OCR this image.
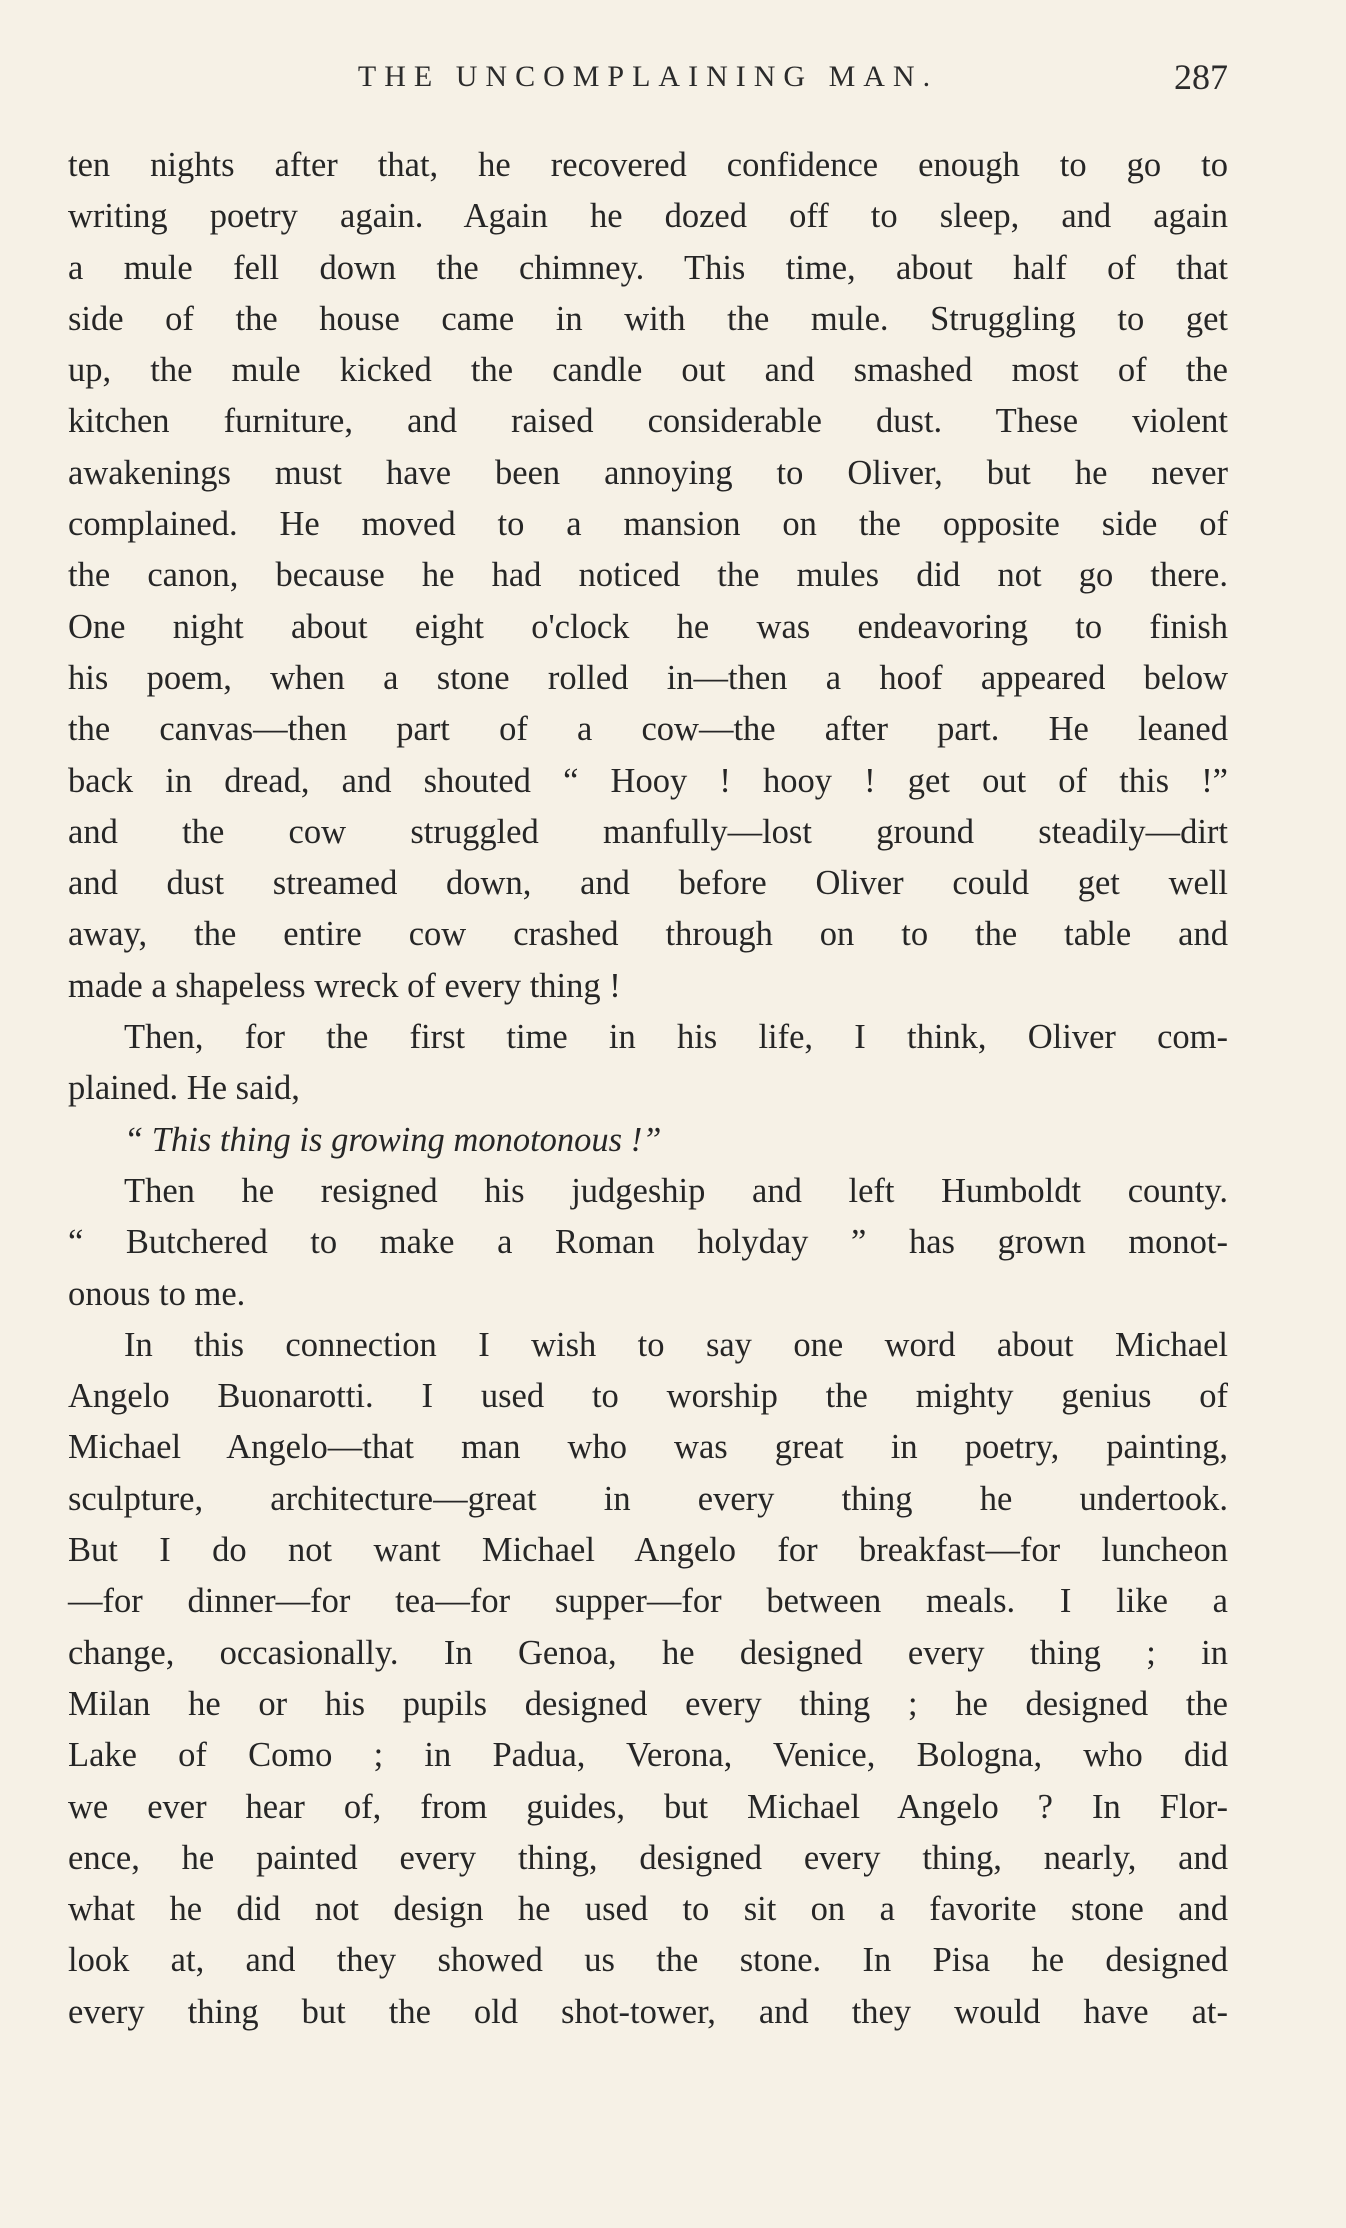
THE UNCOMPLAINING MAN.	287
ten nights after that, he recovered confidence enough to go to
writing poetry again. Again he dozed off to sleep, and again
a mule fell down the chimney. This time, about half of that
side of the house came in with the mule. Struggling to get
up, the mule kicked the candle out and smashed most of the
kitchen furniture, and raised considerable dust. These violent
awakenings must have been annoying to Oliver, but he never
complained. He moved to a mansion on the opposite side of
the canon, because he had noticed the mules did not go there.
One night about eight o'clock he was endeavoring to finish
his poem, when a stone rolled in—then a hoof appeared below
the canvas—then part of a cow—the after part. He leaned
back in dread, and shouted “ Hooy ! hooy ! get out of this !”
and the cow struggled manfully—lost ground steadily—dirt
and dust streamed down, and before Oliver could get well
away, the entire cow crashed through on to the table and
made a shapeless wreck of every thing !
Then, for the first time in his life, I think, Oliver com-
plained. He said,
“ This thing is growing monotonous !”
Then he resigned his judgeship and left Humboldt county.
“ Butchered to make a Roman holyday ” has grown monot-
onous to me.
In this connection I wish to say one word about Michael
Angelo Buonarotti. I used to worship the mighty genius of
Michael Angelo—that man who was great in poetry, painting,
sculpture, architecture—great in every thing he undertook.
But I do not want Michael Angelo for breakfast—for luncheon
—for dinner—for tea—for supper—for between meals. I like a
change, occasionally. In Genoa, he designed every thing ; in
Milan he or his pupils designed every thing ; he designed the
Lake of Como ; in Padua, Verona, Venice, Bologna, who did
we ever hear of, from guides, but Michael Angelo ? In Flor-
ence, he painted every thing, designed every thing, nearly, and
what he did not design he used to sit on a favorite stone and
look at, and they showed us the stone. In Pisa he designed
every thing but the old shot-tower, and they would have at-
